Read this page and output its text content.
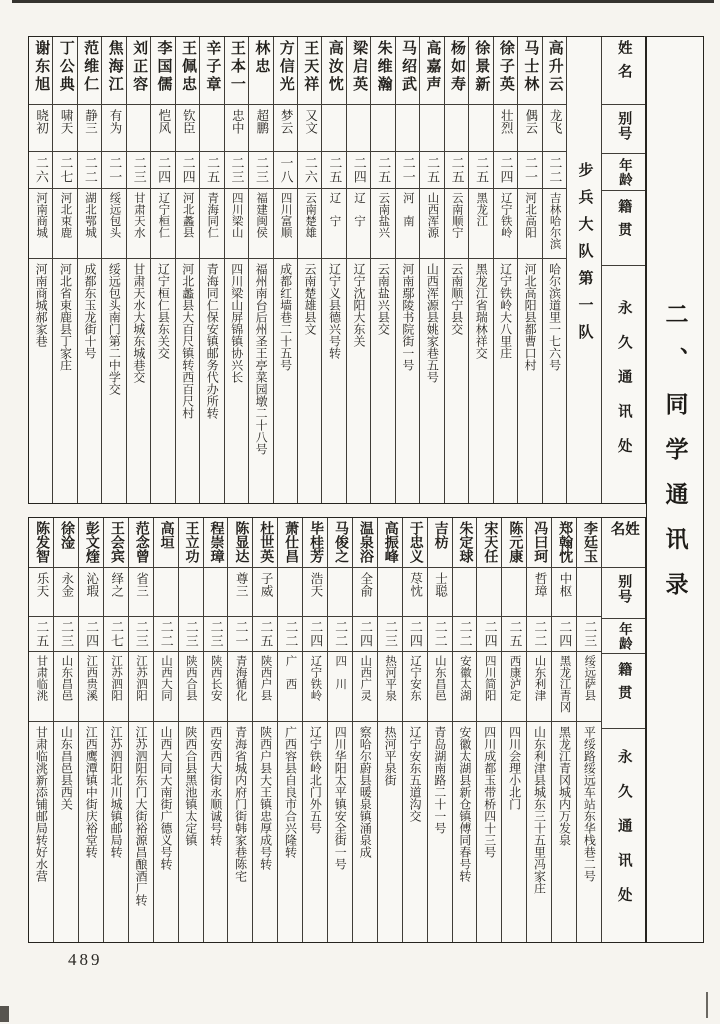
二、同学通讯录
姓名
别号
年龄
籍贯
永久通讯处
步兵大队第一队
高升云
龙飞
二二
吉林哈尔滨
哈尔滨道里一七六号
马士林
偶云
二一
河北高阳
河北高阳县都曹口村
徐子英
壮烈
二四
辽宁铁岭
辽宁铁岭大八里庄
徐景新
二五
黑龙江
黑龙江省瑞林祥交
杨如寿
二五
云南顺宁
云南顺宁县交
高嘉声
二五
山西浑源
山西浑源县姚家巷五号
马绍武
二一
河　南
河南鄢陵书院街一号
朱维瀚
二五
云南盐兴
云南盐兴县交
梁启英
二四
辽　宁
辽宁沈阳大东关
高汝忱
二五
辽　宁
辽宁义县德兴号转
王天祥
又文
二六
云南楚雄
云南楚雄县文
方信光
梦云
一八
四川富顺
成都红墙巷二十五号
林忠
超鹏
二三
福建闽侯
福州南台后州圣王亭菜园墩二十八号
王本一
忠中
二三
四川梁山
四川梁山屏锦镇协兴长
辛子章
二五
青海同仁
青海同仁保安镇邮务代办所转
王佩忠
钦臣
二四
河北蠡县
河北蠡县大百尺镇转西百尺村
李国儒
恺风
二四
辽宁桓仁
辽宁桓仁县东关交
刘正容
二三
甘肃天水
甘肃天水大城东城巷交
焦海江
有为
二一
绥远包头
绥远包头南门第二中学交
范维仁
静三
二二
湖北鄂城
成都东玉龙街十号
丁公典
啸天
二七
河北束鹿
河北省束鹿县丁家庄
谢东旭
晓初
二六
河南商城
河南商城郝家巷
姓名
别号
年龄
籍贯
永久通讯处
李廷玉
二三
绥远萨县
平绥路绥远车站东华栈巷二号
郑翰忱
中枢
二四
黑龙江青冈
黑龙江青冈城内万发泉
冯曰珂
哲璋
二二
山东利津
山东利津县城东三十五里冯家庄
陈元康
二五
西康泸定
四川会理小北门
宋天任
二四
四川简阳
四川成都玉带桥四十三号
朱定球
二二
安徽太湖
安徽太湖县新仓镇傅同春号转
吉枋
士聪
二二
山东昌邑
青岛湖南路二十一号
于忠义
荩忱
二四
辽宁安东
辽宁安东五道沟交
高振峰
二三
热河平泉
热河平泉街
温泉浴
全俞
二四
山西广灵
察哈尔蔚县暖泉镇涌泉成
马俊之
二二
四　川
四川华阳太平镇安全街一号
毕桂芳
浩天
二四
辽宁铁岭
辽宁铁岭北门外五号
萧仕昌
二二
广　西
广西容县自良市合兴隆转
杜世英
子威
二五
陕西户县
陕西户县大王镇忠厚成号转
陈显达
尊三
二一
青海循化
青海省城内府门街韩家巷陈宅
程崇璋
二三
陕西长安
西安西大街永顺诚号转
王立功
二三
陕西合县
陕西合县黑池镇太定镇
高垣
二二
山西大同
山西大同大南街广德义号转
范念曾
省三
二三
江苏泗阳
江苏泗阳东门大街裕源昌酿酒厂转
王会宾
绎之
二七
江苏泗阳
江苏泗阳北川城镇邮局转
彭文煃
沁瑕
二四
江西贵溪
江西鹰潭镇中街庆裕堂转
徐淦
永金
二三
山东昌邑
山东昌邑县西关
陈发智
乐天
二五
甘肃临洮
甘肃临洮新添铺邮局转好水营
489
